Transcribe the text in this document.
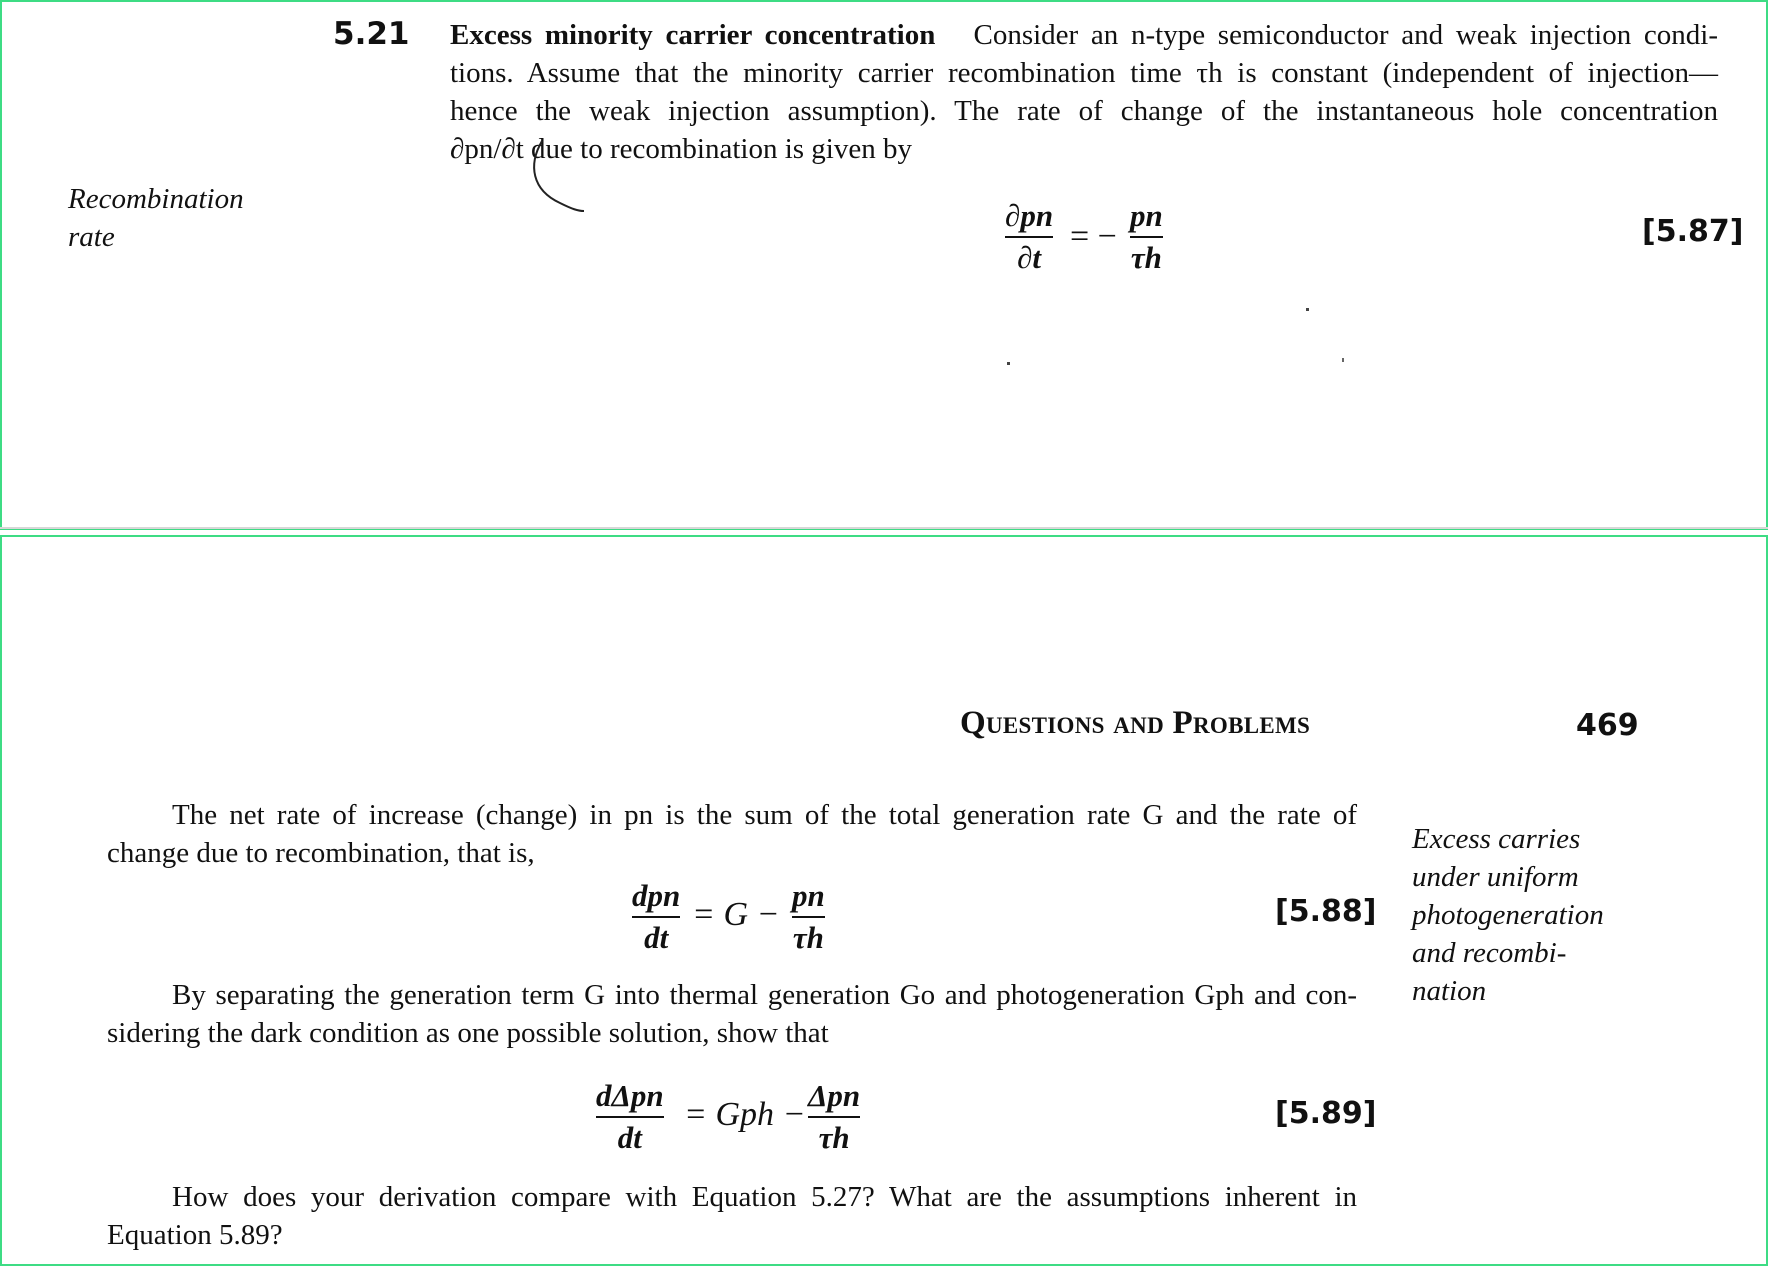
5.21 Excess minority carrier concentration Consider an n-type semiconductor and weak injection condi-
tions. Assume that the minority carrier recombination time τh is constant (independent of injection—
hence the weak injection assumption). The rate of change of the instantaneous hole concentration
∂pn/∂t due to recombination is given by
Recombination
rate
∂pn
∂t
= −
pn
τh
[5.87]
Questions and Problems	469
The net rate of increase (change) in pn is the sum of the total generation rate G and the rate of
change due to recombination, that is,
dpn
dt
= G −
pn
τh
[5.88]
By separating the generation term G into thermal generation Go and photogeneration Gph and con-
sidering the dark condition as one possible solution, show that
dΔpn
dt
= Gph −
Δpn
τh
[5.89]
How does your derivation compare with Equation 5.27? What are the assumptions inherent in
Equation 5.89?
Excess carries
under uniform
photogeneration
and recombi-
nation
